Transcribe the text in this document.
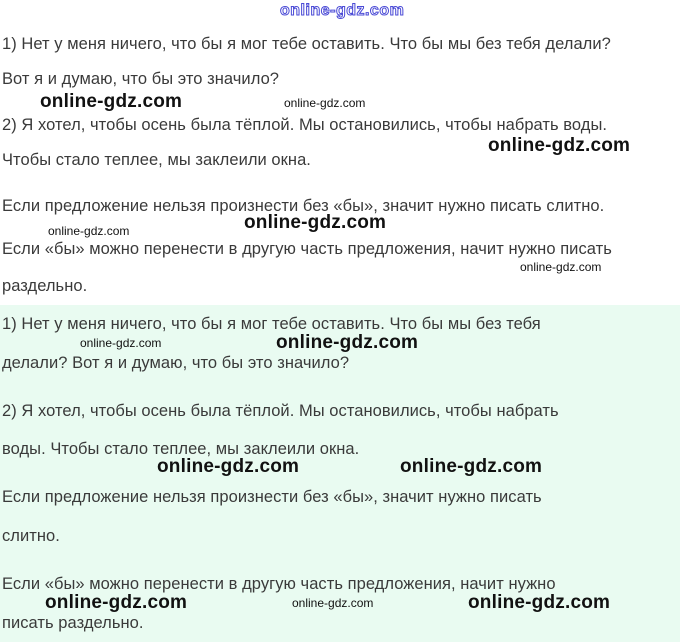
online-gdz.com
1) Нет у меня ничего, что бы я мог тебе оставить. Что бы мы без тебя делали?
Вот я и думаю, что бы это значило?
2) Я хотел, чтобы осень была тёплой. Мы остановились, чтобы набрать воды.
Чтобы стало теплее, мы заклеили окна.
Если предложение нельзя произнести без «бы», значит нужно писать слитно.
Если «бы» можно перенести в другую часть предложения, начит нужно писать
раздельно.
1) Нет у меня ничего, что бы я мог тебе оставить. Что бы мы без тебя
делали? Вот я и думаю, что бы это значило?
2) Я хотел, чтобы осень была тёплой. Мы остановились, чтобы набрать
воды. Чтобы стало теплее, мы заклеили окна.
Если предложение нельзя произнести без «бы», значит нужно писать
слитно.
Если «бы» можно перенести в другую часть предложения, начит нужно
писать раздельно.
online-gdz.com	online-gdz.com
online-gdz.com
online-gdz.com
online-gdz.com
online-gdz.com
online-gdz.com	online-gdz.com
online-gdz.com	online-gdz.com
online-gdz.com	online-gdz.com	online-gdz.com
